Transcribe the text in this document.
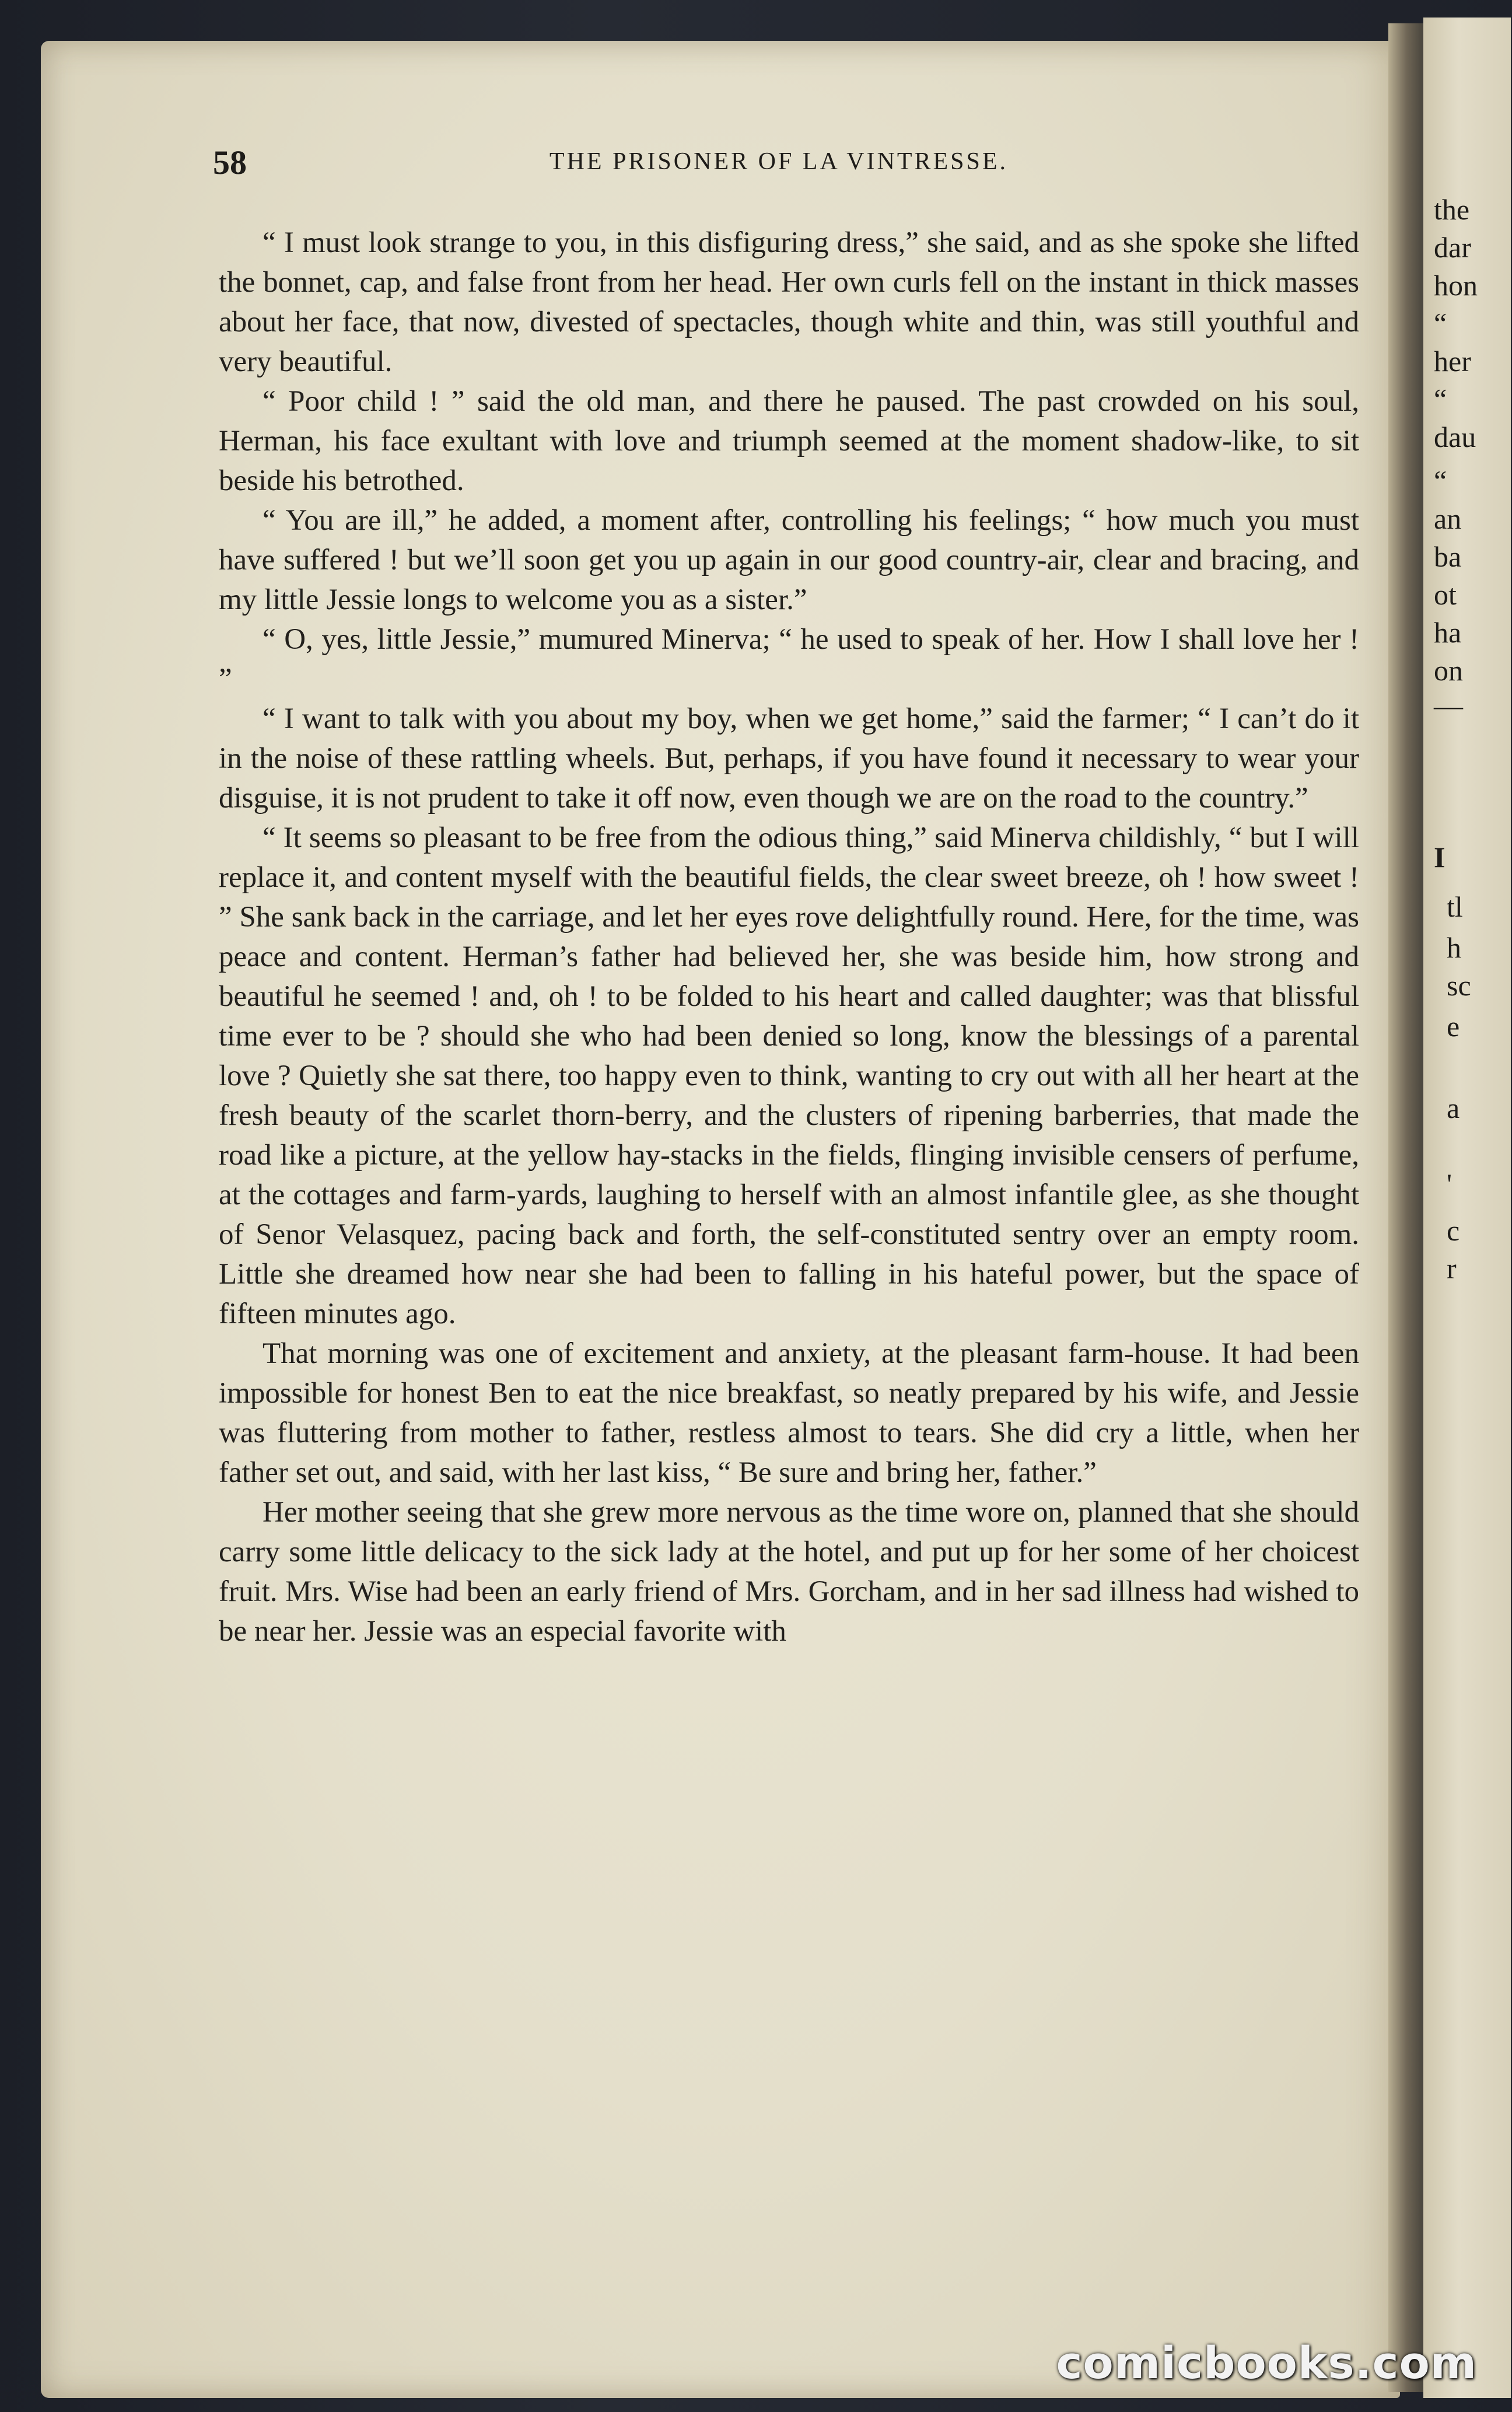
the

dar

hon

“

her

“

dau

“

an

ba

ot

ha

on

—

I

tl

h

sc

e

a

'

c

r

58	THE PRISONER OF LA VINTRESSE.

“ I must look strange to you, in this disfiguring dress,” she said, and as she spoke she lifted the bonnet, cap, and false front from her head. Her own curls fell on the instant in thick masses about her face, that now, divested of spectacles, though white and thin, was still youthful and very beautiful.

“ Poor child ! ” said the old man, and there he paused. The past crowded on his soul, Herman, his face exultant with love and triumph seemed at the moment shadow-like, to sit beside his betrothed.

“ You are ill,” he added, a moment after, controlling his feelings; “ how much you must have suffered ! but we’ll soon get you up again in our good country-air, clear and bracing, and my little Jessie longs to welcome you as a sister.”

“ O, yes, little Jessie,” mumured Minerva; “ he used to speak of her. How I shall love her ! ”

“ I want to talk with you about my boy, when we get home,” said the farmer; “ I can’t do it in the noise of these rattling wheels. But, perhaps, if you have found it necessary to wear your disguise, it is not prudent to take it off now, even though we are on the road to the country.”

“ It seems so pleasant to be free from the odious thing,” said Minerva childishly, “ but I will replace it, and content myself with the beautiful fields, the clear sweet breeze, oh ! how sweet ! ” She sank back in the carriage, and let her eyes rove delightfully round. Here, for the time, was peace and content. Herman’s father had believed her, she was beside him, how strong and beautiful he seemed ! and, oh ! to be folded to his heart and called daughter; was that blissful time ever to be ? should she who had been denied so long, know the blessings of a parental love ? Quietly she sat there, too happy even to think, wanting to cry out with all her heart at the fresh beauty of the scarlet thorn-berry, and the clusters of ripening barberries, that made the road like a picture, at the yellow hay-stacks in the fields, flinging invisible censers of perfume, at the cottages and farm-yards, laughing to herself with an almost infantile glee, as she thought of Senor Velasquez, pacing back and forth, the self-constituted sentry over an empty room. Little she dreamed how near she had been to falling in his hateful power, but the space of fifteen minutes ago.

That morning was one of excitement and anxiety, at the pleasant farm-house. It had been impossible for honest Ben to eat the nice breakfast, so neatly prepared by his wife, and Jessie was fluttering from mother to father, restless almost to tears. She did cry a little, when her father set out, and said, with her last kiss, “ Be sure and bring her, father.”

Her mother seeing that she grew more nervous as the time wore on, planned that she should carry some little delicacy to the sick lady at the hotel, and put up for her some of her choicest fruit. Mrs. Wise had been an early friend of Mrs. Gorcham, and in her sad illness had wished to be near her. Jessie was an especial favorite with

comicbooks.com
